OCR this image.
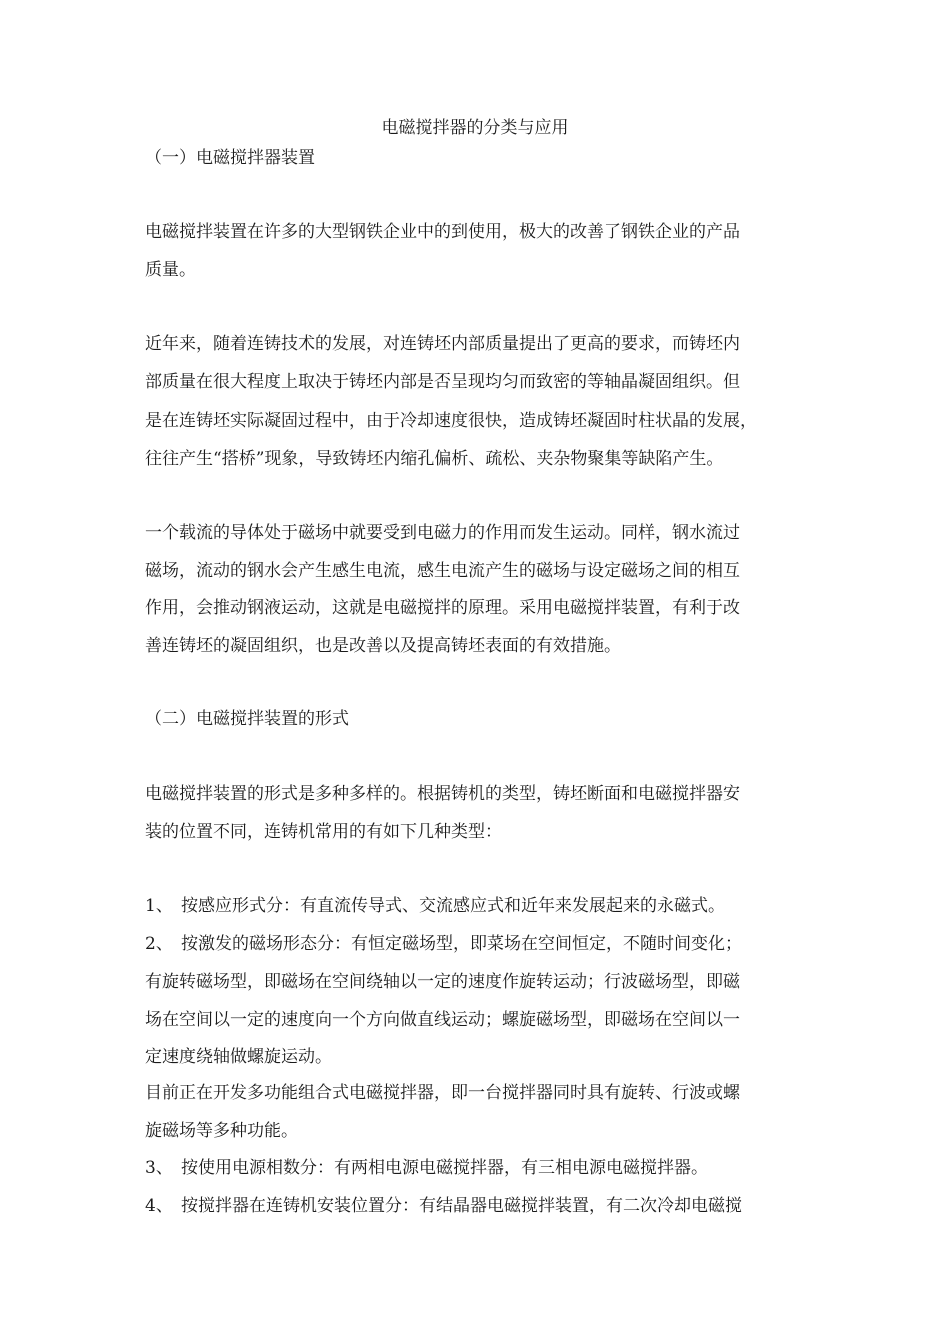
电磁搅拌器的分类与应用
（一）电磁搅拌器装置
电磁搅拌装置在许多的大型钢铁企业中的到使用，极大的改善了钢铁企业的产品
质量。
近年来，随着连铸技术的发展，对连铸坯内部质量提出了更高的要求，而铸坯内
部质量在很大程度上取决于铸坯内部是否呈现均匀而致密的等轴晶凝固组织。但
是在连铸坯实际凝固过程中，由于冷却速度很快，造成铸坯凝固时柱状晶的发展，
往往产生“搭桥”现象，导致铸坯内缩孔偏析、疏松、夹杂物聚集等缺陷产生。
一个载流的导体处于磁场中就要受到电磁力的作用而发生运动。同样，钢水流过
磁场，流动的钢水会产生感生电流，感生电流产生的磁场与设定磁场之间的相互
作用，会推动钢液运动，这就是电磁搅拌的原理。采用电磁搅拌装置，有利于改
善连铸坯的凝固组织，也是改善以及提高铸坯表面的有效措施。
（二）电磁搅拌装置的形式
电磁搅拌装置的形式是多种多样的。根据铸机的类型，铸坯断面和电磁搅拌器安
装的位置不同，连铸机常用的有如下几种类型：
1、 按感应形式分：有直流传导式、交流感应式和近年来发展起来的永磁式。
2、 按激发的磁场形态分：有恒定磁场型，即菜场在空间恒定，不随时间变化；
有旋转磁场型，即磁场在空间绕轴以一定的速度作旋转运动；行波磁场型，即磁
场在空间以一定的速度向一个方向做直线运动；螺旋磁场型，即磁场在空间以一
定速度绕轴做螺旋运动。
目前正在开发多功能组合式电磁搅拌器，即一台搅拌器同时具有旋转、行波或螺
旋磁场等多种功能。
3、 按使用电源相数分：有两相电源电磁搅拌器，有三相电源电磁搅拌器。
4、 按搅拌器在连铸机安装位置分：有结晶器电磁搅拌装置，有二次冷却电磁搅
